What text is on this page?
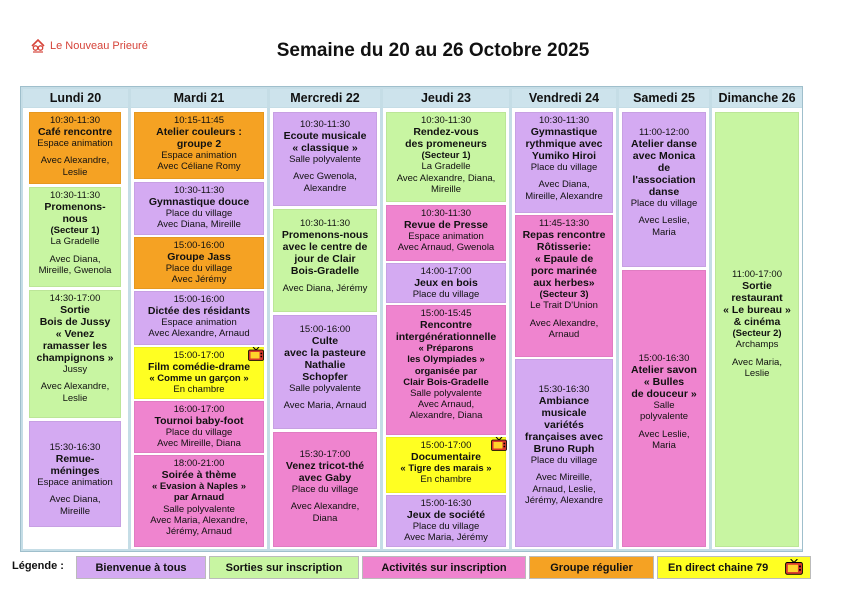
Le Nouveau Prieuré	Semaine du 20 au 26 Octobre 2025
Lundi 20	Mardi 21	Mercredi 22	Jeudi 23	Vendredi 24	Samedi 25	Dimanche 26
10:30-11:30
Café rencontre
Espace animation
Avec Alexandre,
Leslie
10:30-11:30
Promenons-
nous
(Secteur 1)
La Gradelle
Avec Diana,
Mireille, Gwenola
14:30-17:00
Sortie
Bois de Jussy
« Venez
ramasser les
champignons »
Jussy
Avec Alexandre,
Leslie
15:30-16:30
Remue-
méninges
Espace animation
Avec Diana,
Mireille
10:15-11:45
Atelier couleurs :
groupe 2
Espace animation
Avec Céliane Romy
10:30-11:30
Gymnastique douce
Place du village
Avec Diana, Mireille
15:00-16:00
Groupe Jass
Place du village
Avec Jérémy
15:00-16:00
Dictée des résidants
Espace animation
Avec Alexandre, Arnaud
15:00-17:00
Film comédie-drame
« Comme un garçon »
En chambre
16:00-17:00
Tournoi baby-foot
Place du village
Avec Mireille, Diana
18:00-21:00
Soirée à thème
« Evasion à Naples »
par Arnaud
Salle polyvalente
Avec Maria, Alexandre,
Jérémy, Arnaud
10:30-11:30
Ecoute musicale
« classique »
Salle polyvalente
Avec Gwenola,
Alexandre
10:30-11:30
Promenons-nous
avec le centre de
jour de Clair
Bois-Gradelle
Avec Diana, Jérémy
15:00-16:00
Culte
avec la pasteure
Nathalie
Schopfer
Salle polyvalente
Avec Maria, Arnaud
15:30-17:00
Venez tricot-thé
avec Gaby
Place du village
Avec Alexandre,
Diana
10:30-11:30
Rendez-vous
des promeneurs
(Secteur 1)
La Gradelle
Avec Alexandre, Diana,
Mireille
10:30-11:30
Revue de Presse
Espace animation
Avec Arnaud, Gwenola
14:00-17:00
Jeux en bois
Place du village
15:00-15:45
Rencontre
intergénérationnelle
« Préparons
les Olympiades »
organisée par
Clair Bois-Gradelle
Salle polyvalente
Avec Arnaud,
Alexandre, Diana
15:00-17:00
Documentaire
« Tigre des marais »
En chambre
15:00-16:30
Jeux de société
Place du village
Avec Maria, Jérémy
10:30-11:30
Gymnastique
rythmique avec
Yumiko Hiroi
Place du village
Avec Diana,
Mireille, Alexandre
11:45-13:30
Repas rencontre
Rôtisserie:
« Epaule de
porc marinée
aux herbes»
(Secteur 3)
Le Trait D'Union
Avec Alexandre,
Arnaud
15:30-16:30
Ambiance
musicale
variétés
françaises avec
Bruno Ruph
Place du village
Avec Mireille,
Arnaud, Leslie,
Jérémy, Alexandre
11:00-12:00
Atelier danse
avec Monica
de
l'association
danse
Place du village
Avec Leslie,
Maria
15:00-16:30
Atelier savon
« Bulles
de douceur »
Salle
polyvalente
Avec Leslie,
Maria
11:00-17:00
Sortie
restaurant
« Le bureau »
& cinéma
(Secteur 2)
Archamps
Avec Maria,
Leslie
Légende :	Bienvenue à tous	Sorties sur inscription	Activités sur inscription	Groupe régulier	En direct chaine 79
